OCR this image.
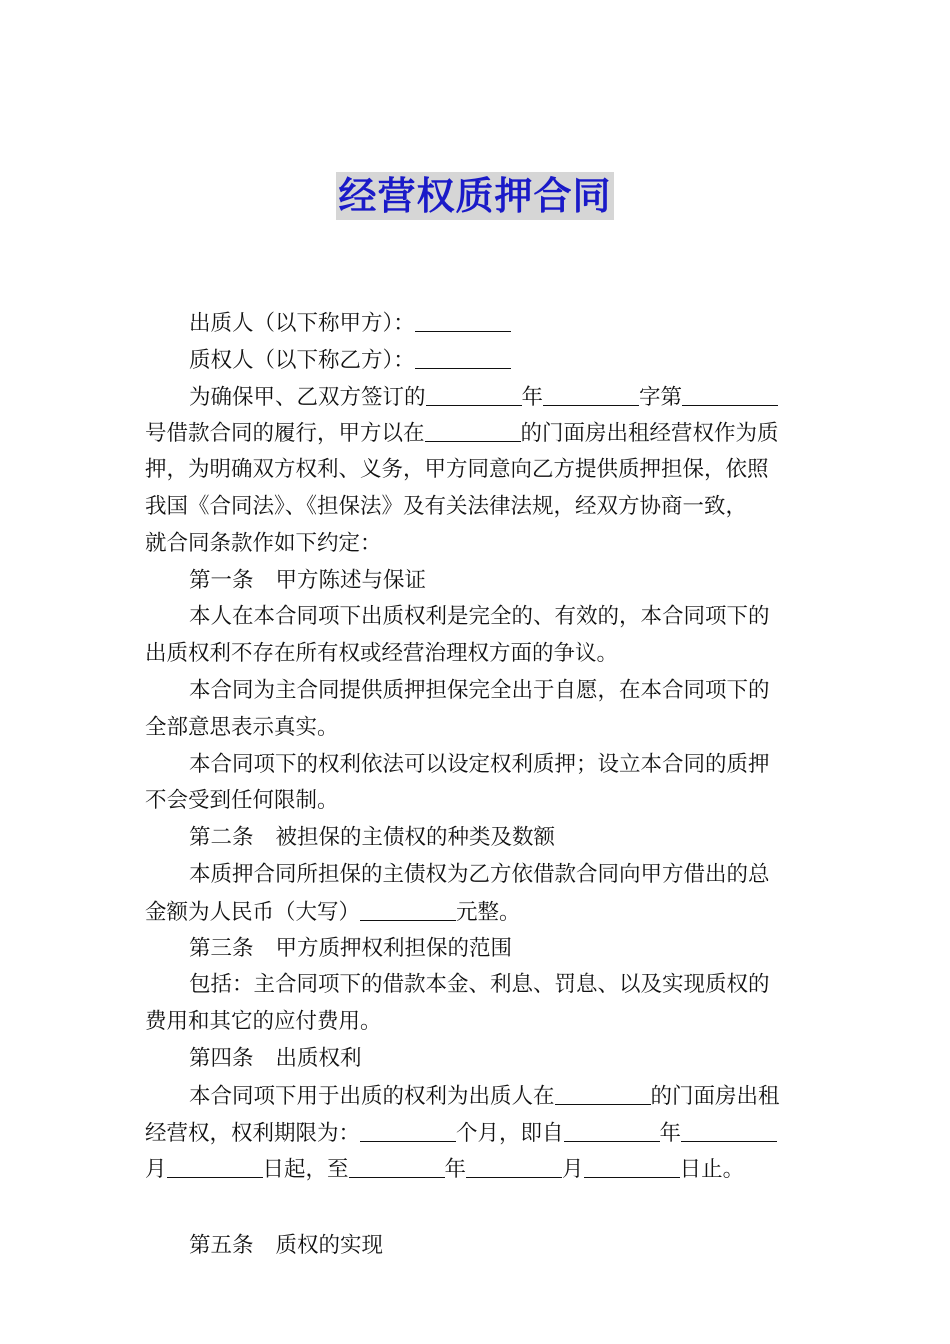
经营权质押合同
出质人（以下称甲方）：
质权人（以下称乙方）：
为确保甲、乙双方签订的	年	字第
号借款合同的履行，甲方以在	的门面房出租经营权作为质
押，为明确双方权利、义务，甲方同意向乙方提供质押担保，依照
我国《合同法》、《担保法》及有关法律法规，经双方协商一致，
就合同条款作如下约定：
第一条 甲方陈述与保证
本人在本合同项下出质权利是完全的、有效的，本合同项下的
出质权利不存在所有权或经营治理权方面的争议。
本合同为主合同提供质押担保完全出于自愿，在本合同项下的
全部意思表示真实。
本合同项下的权利依法可以设定权利质押；设立本合同的质押
不会受到任何限制。
第二条 被担保的主债权的种类及数额
本质押合同所担保的主债权为乙方依借款合同向甲方借出的总
金额为人民币（大写）	元整。
第三条 甲方质押权利担保的范围
包括：主合同项下的借款本金、利息、罚息、以及实现质权的
费用和其它的应付费用。
第四条 出质权利
本合同项下用于出质的权利为出质人在	的门面房出租
经营权，权利期限为：	个月，即自	年
月	日起，至	年	月	日止。
第五条 质权的实现
